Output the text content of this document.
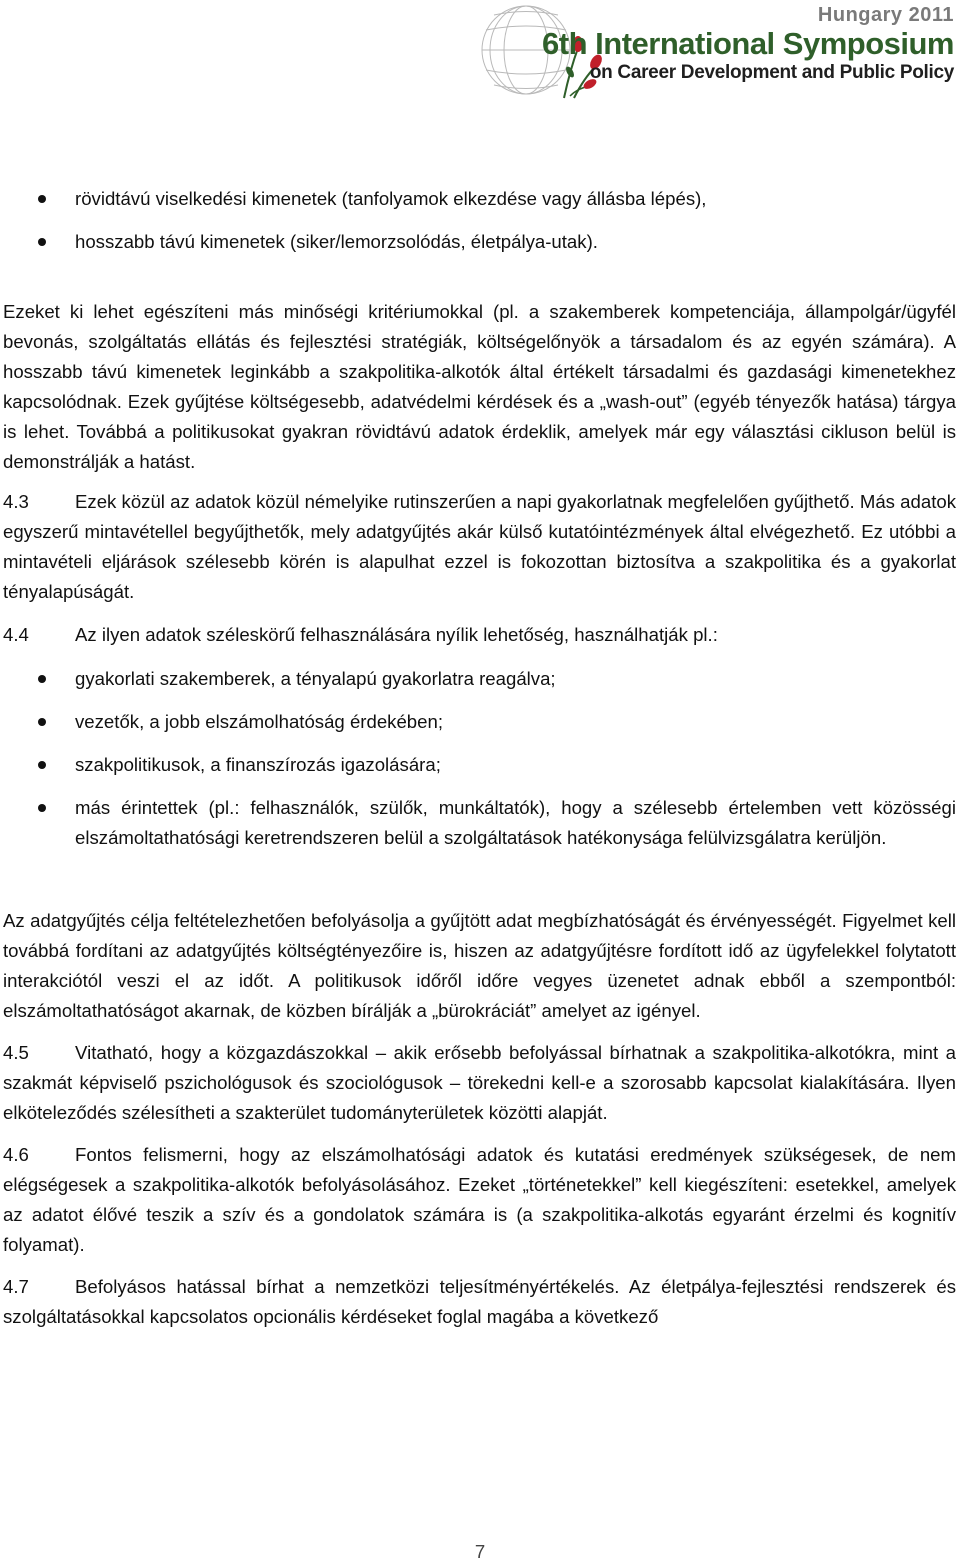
Hungary 2011
6th International Symposium
on Career Development and Public Policy
rövidtávú viselkedési kimenetek (tanfolyamok elkezdése vagy állásba lépés),
hosszabb távú kimenetek (siker/lemorzsolódás, életpálya-utak).

Ezeket ki lehet egészíteni más minőségi kritériumokkal (pl. a szakemberek kompetenciája, állampolgár/ügyfél bevonás, szolgáltatás ellátás és fejlesztési stratégiák, költségelőnyök a társadalom és az egyén számára). A hosszabb távú kimenetek leginkább a szakpolitika-alkotók által értékelt társadalmi és gazdasági kimenetekhez kapcsolódnak. Ezek gyűjtése költségesebb, adatvédelmi kérdések és a „wash-out” (egyéb tényezők hatása) tárgya is lehet. Továbbá a politikusokat gyakran rövidtávú adatok érdeklik, amelyek már egy választási cikluson belül is demonstrálják a hatást.

4.3 Ezek közül az adatok közül némelyike rutinszerűen a napi gyakorlatnak megfelelően gyűjthető. Más adatok egyszerű mintavétellel begyűjthetők, mely adatgyűjtés akár külső kutatóintézmények által elvégezhető. Ez utóbbi a mintavételi eljárások szélesebb körén is alapulhat ezzel is fokozottan biztosítva a szakpolitika és a gyakorlat tényalapúságát.

4.4 Az ilyen adatok széleskörű felhasználására nyílik lehetőség, használhatják pl.:

gyakorlati szakemberek, a tényalapú gyakorlatra reagálva;
vezetők, a jobb elszámolhatóság érdekében;
szakpolitikusok, a finanszírozás igazolására;
más érintettek (pl.: felhasználók, szülők, munkáltatók), hogy a szélesebb értelemben vett közösségi elszámoltathatósági keretrendszeren belül a szolgáltatások hatékonysága felülvizsgálatra kerüljön.

Az adatgyűjtés célja feltételezhetően befolyásolja a gyűjtött adat megbízhatóságát és érvényességét. Figyelmet kell továbbá fordítani az adatgyűjtés költségtényezőire is, hiszen az adatgyűjtésre fordított idő az ügyfelekkel folytatott interakciótól veszi el az időt. A politikusok időről időre vegyes üzenetet adnak ebből a szempontból: elszámoltathatóságot akarnak, de közben bírálják a „bürokráciát” amelyet az igényel.

4.5 Vitatható, hogy a közgazdászokkal – akik erősebb befolyással bírhatnak a szakpolitika-alkotókra, mint a szakmát képviselő pszichológusok és szociológusok – törekedni kell-e a szorosabb kapcsolat kialakítására. Ilyen elköteleződés szélesítheti a szakterület tudományterületek közötti alapját.

4.6 Fontos felismerni, hogy az elszámolhatósági adatok és kutatási eredmények szükségesek, de nem elégségesek a szakpolitika-alkotók befolyásolásához. Ezeket „történetekkel” kell kiegészíteni: esetekkel, amelyek az adatot élővé teszik a szív és a gondolatok számára is (a szakpolitika-alkotás egyaránt érzelmi és kognitív folyamat).

4.7 Befolyásos hatással bírhat a nemzetközi teljesítményértékelés. Az életpálya-fejlesztési rendszerek és szolgáltatásokkal kapcsolatos opcionális kérdéseket foglal magába a következő

7
